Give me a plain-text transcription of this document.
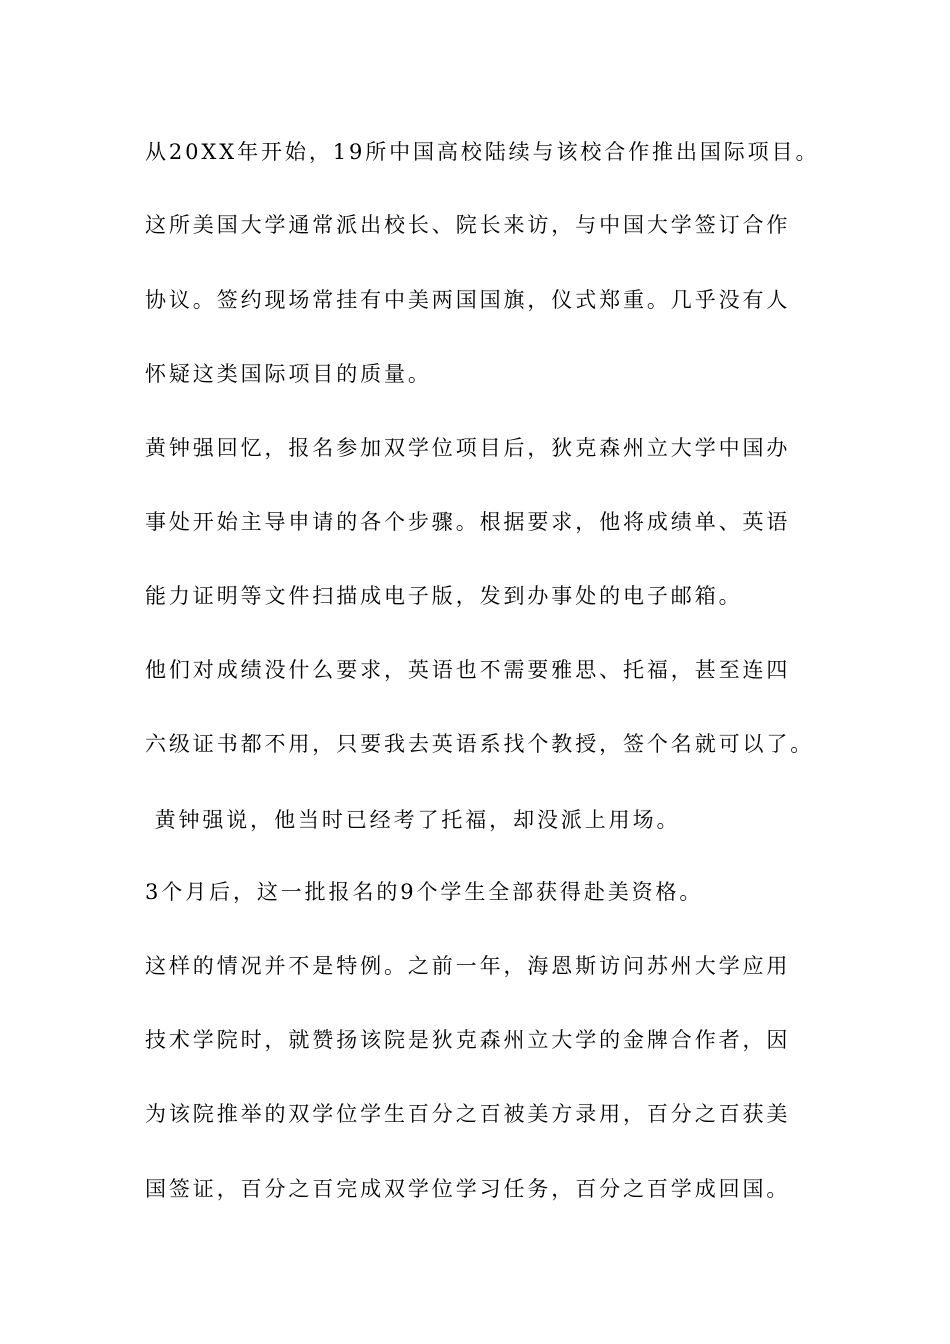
从20XX年开始，19所中国高校陆续与该校合作推出国际项目。

这所美国大学通常派出校长、院长来访，与中国大学签订合作

协议。签约现场常挂有中美两国国旗，仪式郑重。几乎没有人

怀疑这类国际项目的质量。

黄钟强回忆，报名参加双学位项目后，狄克森州立大学中国办

事处开始主导申请的各个步骤。根据要求，他将成绩单、英语

能力证明等文件扫描成电子版，发到办事处的电子邮箱。

他们对成绩没什么要求，英语也不需要雅思、托福，甚至连四

六级证书都不用，只要我去英语系找个教授，签个名就可以了。

黄钟强说，他当时已经考了托福，却没派上用场。

3个月后，这一批报名的9个学生全部获得赴美资格。

这样的情况并不是特例。之前一年，海恩斯访问苏州大学应用

技术学院时，就赞扬该院是狄克森州立大学的金牌合作者，因

为该院推举的双学位学生百分之百被美方录用，百分之百获美

国签证，百分之百完成双学位学习任务，百分之百学成回国。
